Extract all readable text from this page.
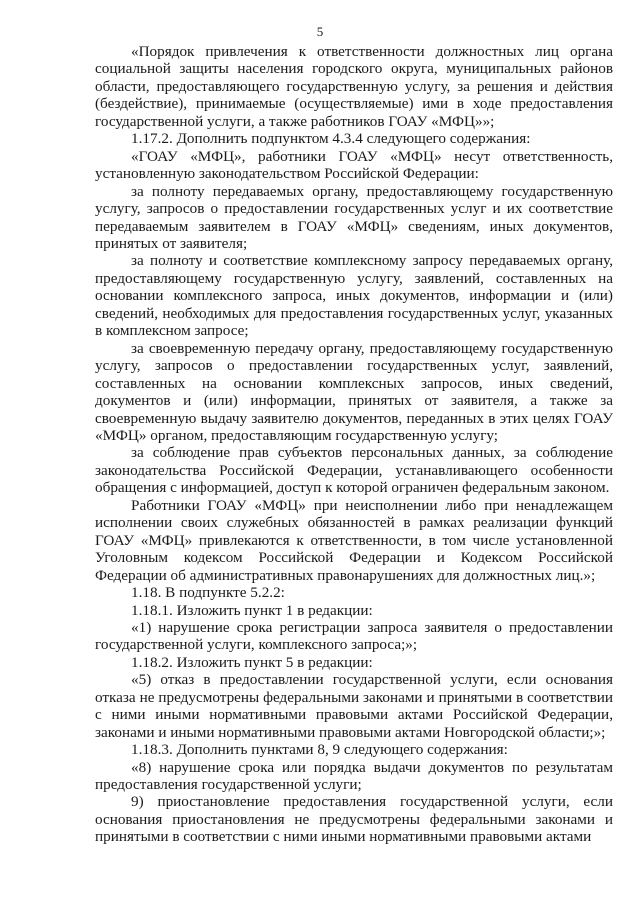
5

«Порядок привлечения к ответственности должностных лиц органа социальной защиты населения городского округа, муниципальных районов области, предоставляющего государственную услугу, за решения и действия (бездействие), принимаемые (осуществляемые) ими в ходе предоставления государственной услуги, а также работников ГОАУ «МФЦ»»;

1.17.2. Дополнить подпунктом 4.3.4 следующего содержания:

«ГОАУ «МФЦ», работники ГОАУ «МФЦ» несут ответственность, установленную законодательством Российской Федерации:

за полноту передаваемых органу, предоставляющему государственную услугу, запросов о предоставлении государственных услуг и их соответствие передаваемым заявителем в ГОАУ «МФЦ» сведениям, иных документов, принятых от заявителя;

за полноту и соответствие комплексному запросу передаваемых органу, предоставляющему государственную услугу, заявлений, составленных на основании комплексного запроса, иных документов, информации и (или) сведений, необходимых для предоставления государственных услуг, указанных в комплексном запросе;

за своевременную передачу органу, предоставляющему государственную услугу, запросов о предоставлении государственных услуг, заявлений, составленных на основании комплексных запросов, иных сведений, документов и (или) информации, принятых от заявителя, а также за своевременную выдачу заявителю документов, переданных в этих целях ГОАУ «МФЦ» органом, предоставляющим государственную услугу;

за соблюдение прав субъектов персональных данных, за соблюдение законодательства Российской Федерации, устанавливающего особенности обращения с информацией, доступ к которой ограничен федеральным законом.

Работники ГОАУ «МФЦ» при неисполнении либо при ненадлежащем исполнении своих служебных обязанностей в рамках реализации функций ГОАУ «МФЦ» привлекаются к ответственности, в том числе установленной Уголовным кодексом Российской Федерации и Кодексом Российской Федерации об административных правонарушениях для должностных лиц.»;

1.18. В подпункте 5.2.2:

1.18.1. Изложить пункт 1 в редакции:

«1) нарушение срока регистрации запроса заявителя о предоставлении государственной услуги, комплексного запроса;»;

1.18.2. Изложить пункт 5 в редакции:

«5) отказ в предоставлении государственной услуги, если основания отказа не предусмотрены федеральными законами и принятыми в соответствии с ними иными нормативными правовыми актами Российской Федерации, законами и иными нормативными правовыми актами Новгородской области;»;

1.18.3. Дополнить пунктами 8, 9 следующего содержания:

«8) нарушение срока или порядка выдачи документов по результатам предоставления государственной услуги;

9) приостановление предоставления государственной услуги, если основания приостановления не предусмотрены федеральными законами и принятыми в соответствии с ними иными нормативными правовыми актами
